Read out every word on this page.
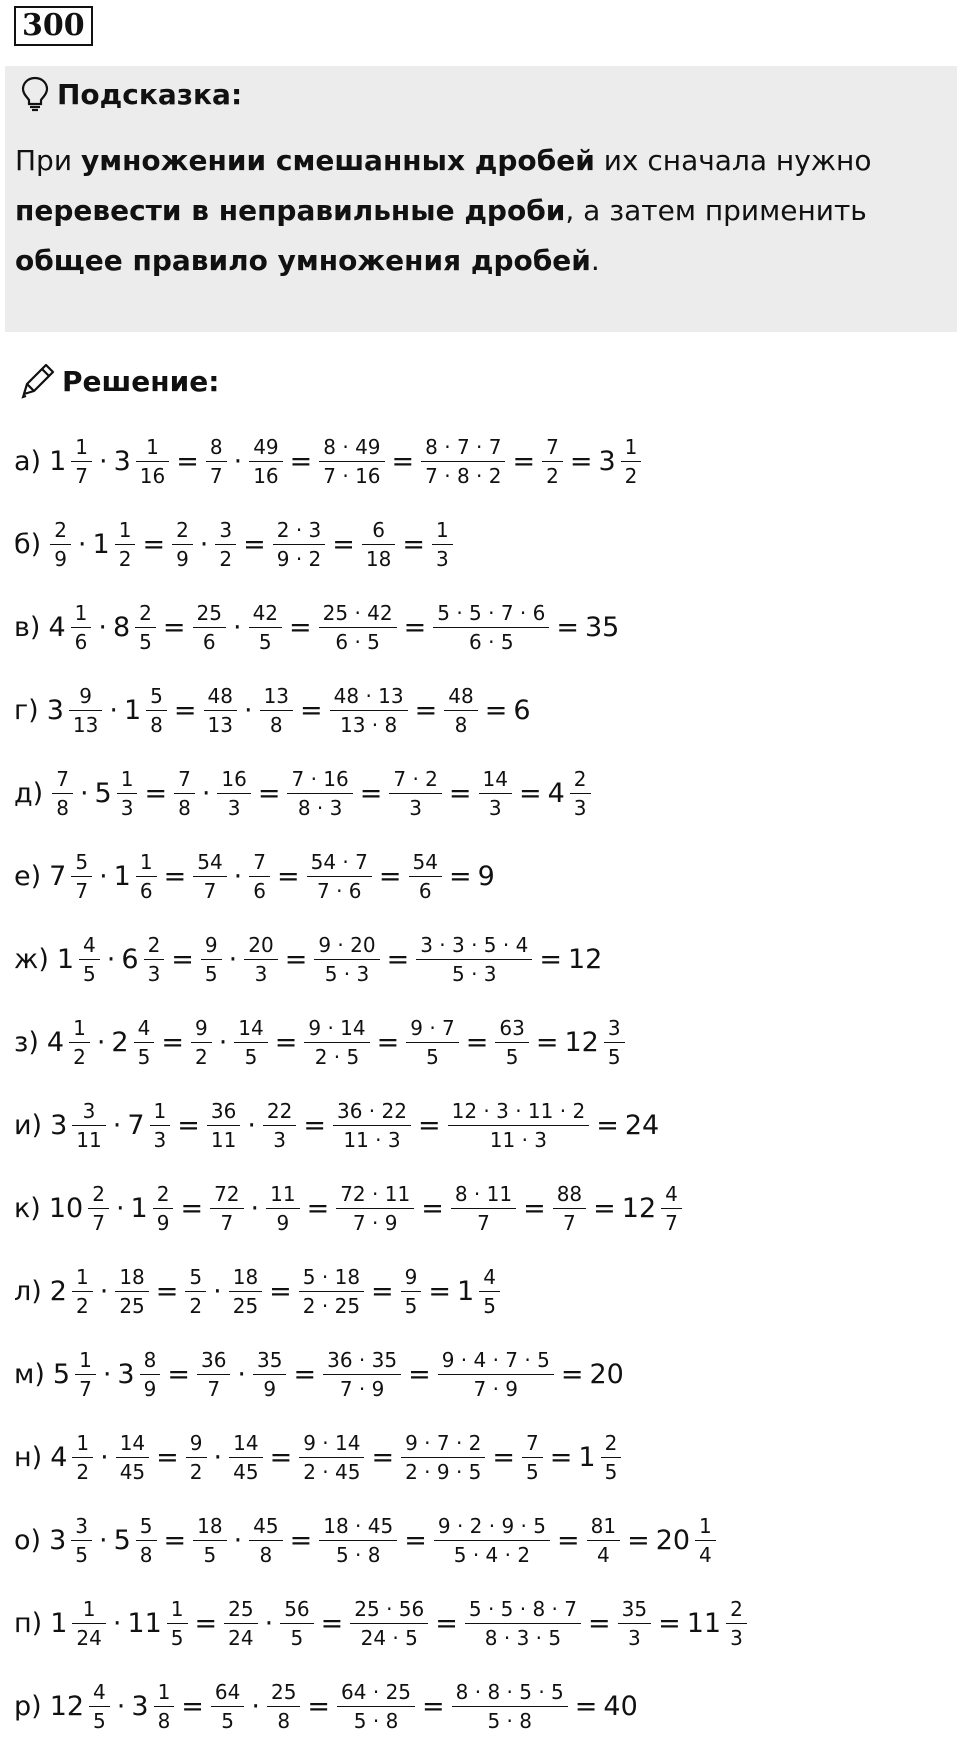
300
Подсказка:
При умножении смешанных дробей их сначала нужно перевести в неправильные дроби, а затем применить общее правило умножения дробей.
Решение:
а) $1 \frac{1}{7} \cdot 3 \frac{1}{16} = \frac{8}{7} \cdot \frac{49}{16} = \frac{8 \cdot 49}{7 \cdot 16} = \frac{8 \cdot 7 \cdot 7}{7 \cdot 8 \cdot 2} = \frac{7}{2} = 3 \frac{1}{2}$
$б) \frac{2}{9} \cdot 1 \frac{1}{2} = \frac{2}{9} \cdot \frac{3}{2} = \frac{2 \cdot 3}{9 \cdot 2} = \frac{6}{18} = \frac{1}{3}$
в) $4 \frac{1}{6} \cdot 8 \frac{2}{5} = \frac{25}{6} \cdot \frac{42}{5} = \frac{25 \cdot 42}{6 \cdot 5} = \frac{5 \cdot 5 \cdot 7 \cdot 6}{6 \cdot 5} = 35$
г) $3 \frac{9}{13} \cdot 1 \frac{5}{8} = \frac{48}{13} \cdot \frac{13}{8} = \frac{48 \cdot 13}{13 \cdot 8} = \frac{48}{8} = 6$
$д) \frac{7}{8} \cdot 5 \frac{1}{3} = \frac{7}{8} \cdot \frac{16}{3} = \frac{7 \cdot 16}{8 \cdot 3} = \frac{7 \cdot 2}{3} = \frac{14}{3} = 4 \frac{2}{3}$
е) $7 \frac{5}{7} \cdot 1 \frac{1}{6} = \frac{54}{7} \cdot \frac{7}{6} = \frac{54 \cdot 7}{7 \cdot 6} = \frac{54}{6} = 9$
ж) $1 \frac{4}{5} \cdot 6 \frac{2}{3} = \frac{9}{5} \cdot \frac{20}{3} = \frac{9 \cdot 20}{5 \cdot 3} = \frac{3 \cdot 3 \cdot 5 \cdot 4}{5 \cdot 3} = 12$
з) $4 \frac{1}{2} \cdot 2 \frac{4}{5} = \frac{9}{2} \cdot \frac{14}{5} = \frac{9 \cdot 14}{2 \cdot 5} = \frac{9 \cdot 7}{5} = \frac{63}{5} = 12 \frac{3}{5}$
и) $3 \frac{3}{11} \cdot 7 \frac{1}{3} = \frac{36}{11} \cdot \frac{22}{3} = \frac{36 \cdot 22}{11 \cdot 3} = \frac{12 \cdot 3 \cdot 11 \cdot 2}{11 \cdot 3} = 24$
к) $10 \frac{2}{7} \cdot 1 \frac{2}{9} = \frac{72}{7} \cdot \frac{11}{9} = \frac{72 \cdot 11}{7 \cdot 9} = \frac{8 \cdot 11}{7} = \frac{88}{7} = 12 \frac{4}{7}$
л) $2 \frac{1}{2} \cdot \frac{18}{25} = \frac{5}{2} \cdot \frac{18}{25} = \frac{5 \cdot 18}{2 \cdot 25} = \frac{9}{5} = 1 \frac{4}{5}$
м) $5 \frac{1}{7} \cdot 3 \frac{8}{9} = \frac{36}{7} \cdot \frac{35}{9} = \frac{36 \cdot 35}{7 \cdot 9} = \frac{9 \cdot 4 \cdot 7 \cdot 5}{7 \cdot 9} = 20$
н) $4 \frac{1}{2} \cdot \frac{14}{45} = \frac{9}{2} \cdot \frac{14}{45} = \frac{9 \cdot 14}{2 \cdot 45} = \frac{9 \cdot 7 \cdot 2}{2 \cdot 9 \cdot 5} = \frac{7}{5} = 1 \frac{2}{5}$
о) $3 \frac{3}{5} \cdot 5 \frac{5}{8} = \frac{18}{5} \cdot \frac{45}{8} = \frac{18 \cdot 45}{5 \cdot 8} = \frac{9 \cdot 2 \cdot 9 \cdot 5}{5 \cdot 4 \cdot 2} = \frac{81}{4} = 20 \frac{1}{4}$
п) $1 \frac{1}{24} \cdot 11 \frac{1}{5} = \frac{25}{24} \cdot \frac{56}{5} = \frac{25 \cdot 56}{24 \cdot 5} = \frac{5 \cdot 5 \cdot 8 \cdot 7}{8 \cdot 3 \cdot 5} = \frac{35}{3} = 11 \frac{2}{3}$
р) $12 \frac{4}{5} \cdot 3 \frac{1}{8} = \frac{64}{5} \cdot \frac{25}{8} = \frac{64 \cdot 25}{5 \cdot 8} = \frac{8 \cdot 8 \cdot 5 \cdot 5}{5 \cdot 8} = 40$
